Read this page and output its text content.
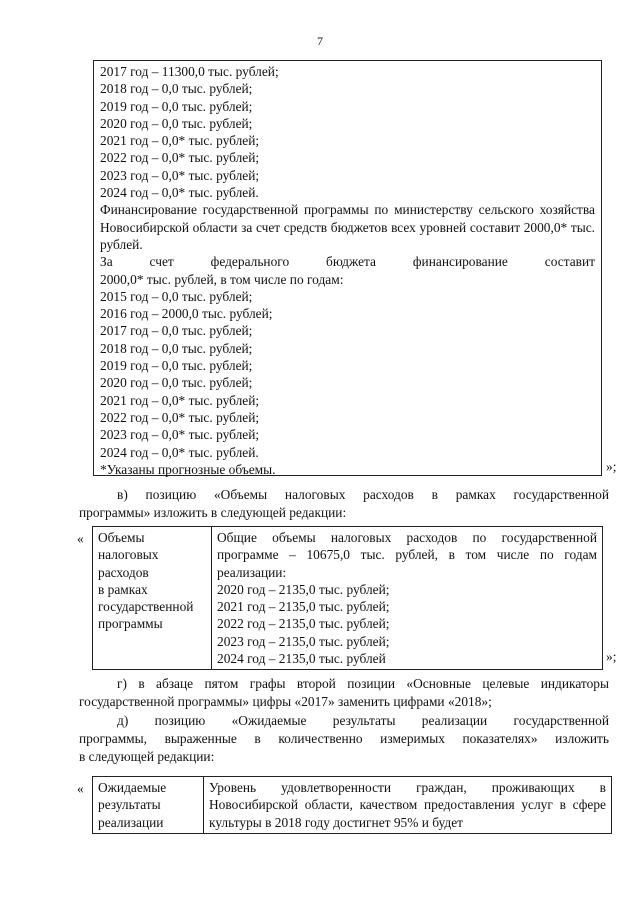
7
2017 год – 11300,0 тыс. рублей;
2018 год – 0,0 тыс. рублей;
2019 год – 0,0 тыс. рублей;
2020 год – 0,0 тыс. рублей;
2021 год – 0,0* тыс. рублей;
2022 год – 0,0* тыс. рублей;
2023 год – 0,0* тыс. рублей;
2024 год – 0,0* тыс. рублей.
Финансирование государственной программы по министерству сельского хозяйства Новосибирской области за счет средств бюджетов всех уровней составит 2000,0* тыс. рублей.
За счет федерального бюджета финансирование составит
2000,0* тыс. рублей, в том числе по годам:
2015 год – 0,0 тыс. рублей;
2016 год – 2000,0 тыс. рублей;
2017 год – 0,0 тыс. рублей;
2018 год – 0,0 тыс. рублей;
2019 год – 0,0 тыс. рублей;
2020 год – 0,0 тыс. рублей;
2021 год – 0,0* тыс. рублей;
2022 год – 0,0* тыс. рублей;
2023 год – 0,0* тыс. рублей;
2024 год – 0,0* тыс. рублей.
*Указаны прогнозные объемы.	»;
в) позицию «Объемы налоговых расходов в рамках государственной
программы» изложить в следующей редакции:
« Объемы
налоговых
расходов
в рамках
государственной
программы

Общие объемы налоговых расходов по государственной программе – 10675,0 тыс. рублей, в том числе по годам реализации:
2020 год – 2135,0 тыс. рублей;
2021 год – 2135,0 тыс. рублей;
2022 год – 2135,0 тыс. рублей;
2023 год – 2135,0 тыс. рублей;
2024 год – 2135,0 тыс. рублей	»;
г) в абзаце пятом графы второй позиции «Основные целевые индикаторы
государственной программы» цифры «2017» заменить цифрами «2018»;
д) позицию «Ожидаемые результаты реализации государственной
программы, выраженные в количественно измеримых показателях» изложить
в следующей редакции:
« Ожидаемые
результаты
реализации
	Уровень удовлетворенности граждан, проживающих в Новосибирской области, качеством предоставления услуг в сфере культуры в 2018 году достигнет 95% и будет
